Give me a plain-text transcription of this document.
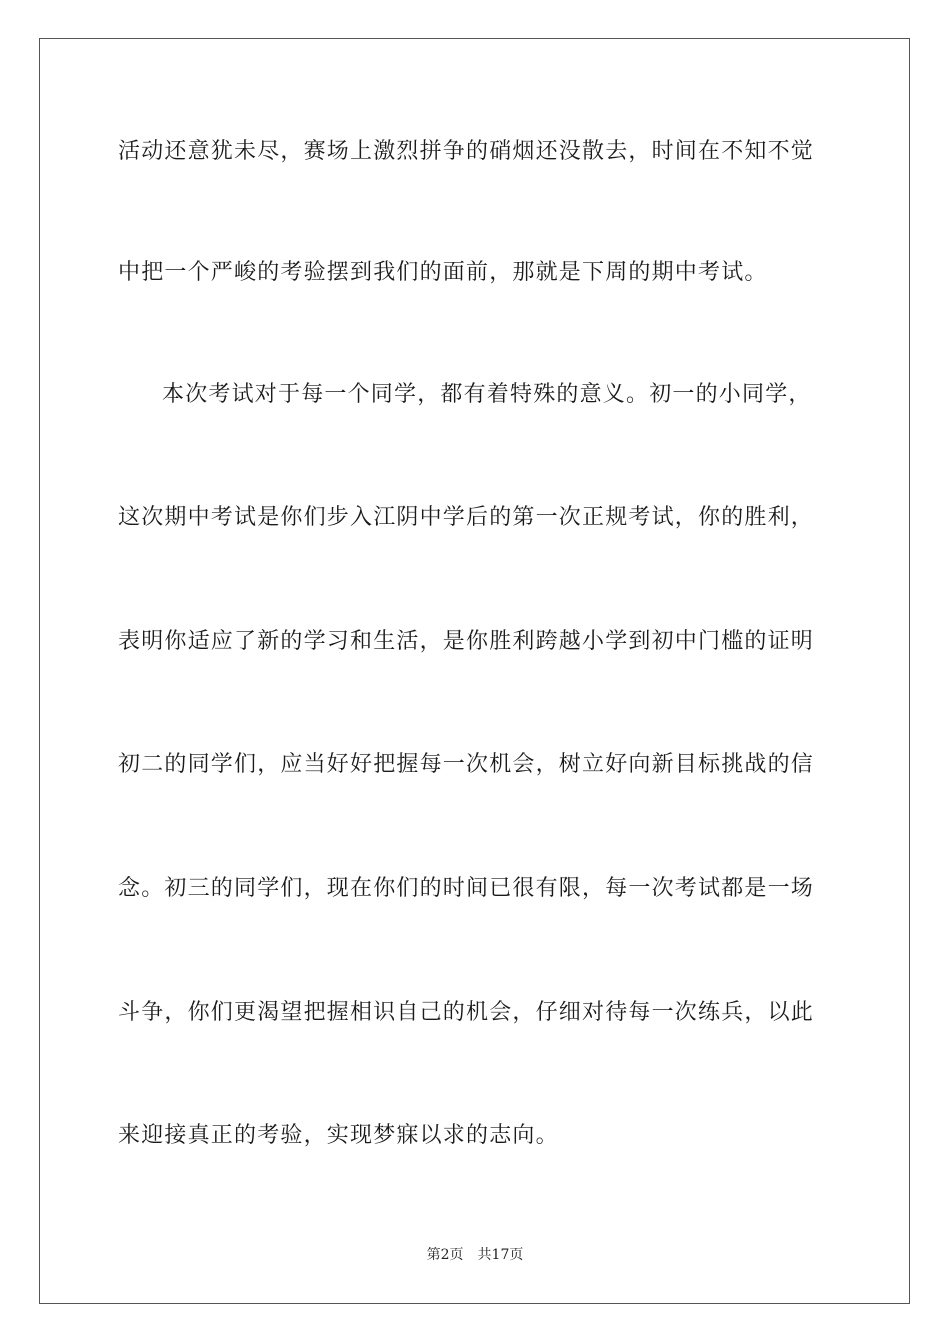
活动还意犹未尽，赛场上激烈拼争的硝烟还没散去，时间在不知不觉
中把一个严峻的考验摆到我们的面前，那就是下周的期中考试。
本次考试对于每一个同学，都有着特殊的意义。初一的小同学，
这次期中考试是你们步入江阴中学后的第一次正规考试，你的胜利，
表明你适应了新的学习和生活，是你胜利跨越小学到初中门槛的证明
初二的同学们，应当好好把握每一次机会，树立好向新目标挑战的信
念。初三的同学们，现在你们的时间已很有限，每一次考试都是一场
斗争，你们更渴望把握相识自己的机会，仔细对待每一次练兵，以此
来迎接真正的考验，实现梦寐以求的志向。
第2页 共17页
